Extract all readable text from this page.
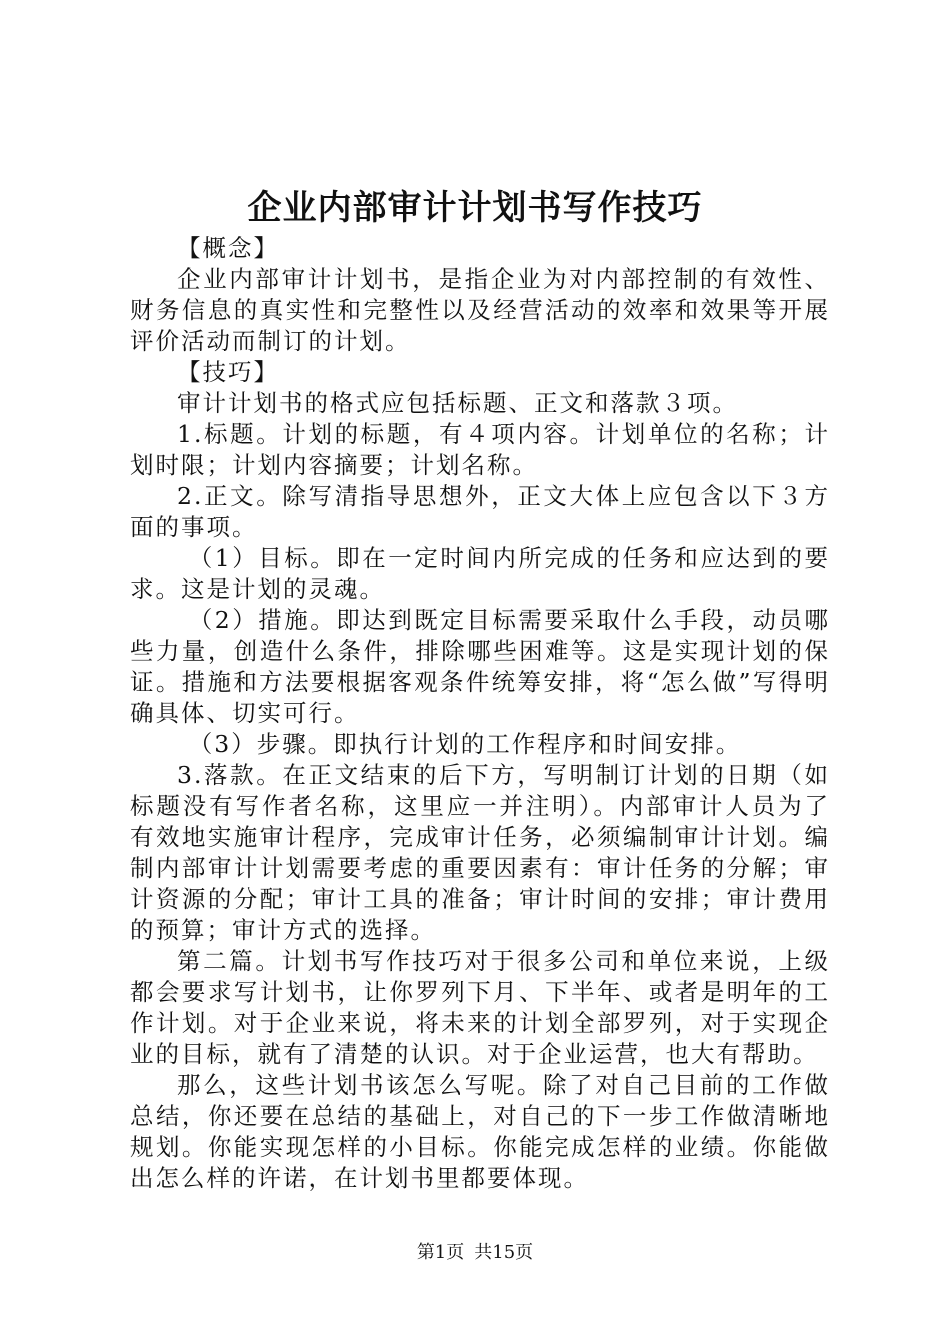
企业内部审计计划书写作技巧

【概念】

企业内部审计计划书，是指企业为对内部控制的有效性、财务信息的真实性和完整性以及经营活动的效率和效果等开展评价活动而制订的计划。

【技巧】

审计计划书的格式应包括标题、正文和落款３项。

1.标题。计划的标题，有４项内容。计划单位的名称；计划时限；计划内容摘要；计划名称。

2.正文。除写清指导思想外，正文大体上应包含以下３方面的事项。

（1）目标。即在一定时间内所完成的任务和应达到的要求。这是计划的灵魂。

（2）措施。即达到既定目标需要采取什么手段，动员哪些力量，创造什么条件，排除哪些困难等。这是实现计划的保证。措施和方法要根据客观条件统筹安排，将“怎么做”写得明确具体、切实可行。

（3）步骤。即执行计划的工作程序和时间安排。

3.落款。在正文结束的后下方，写明制订计划的日期（如标题没有写作者名称，这里应一并注明）。内部审计人员为了有效地实施审计程序，完成审计任务，必须编制审计计划。编制内部审计计划需要考虑的重要因素有：审计任务的分解；审计资源的分配；审计工具的准备；审计时间的安排；审计费用的预算；审计方式的选择。

第二篇。计划书写作技巧对于很多公司和单位来说，上级都会要求写计划书，让你罗列下月、下半年、或者是明年的工作计划。对于企业来说，将未来的计划全部罗列，对于实现企业的目标，就有了清楚的认识。对于企业运营，也大有帮助。

那么，这些计划书该怎么写呢。除了对自己目前的工作做总结，你还要在总结的基础上，对自己的下一步工作做清晰地规划。你能实现怎样的小目标。你能完成怎样的业绩。你能做出怎么样的许诺，在计划书里都要体现。

第1页 共15页
